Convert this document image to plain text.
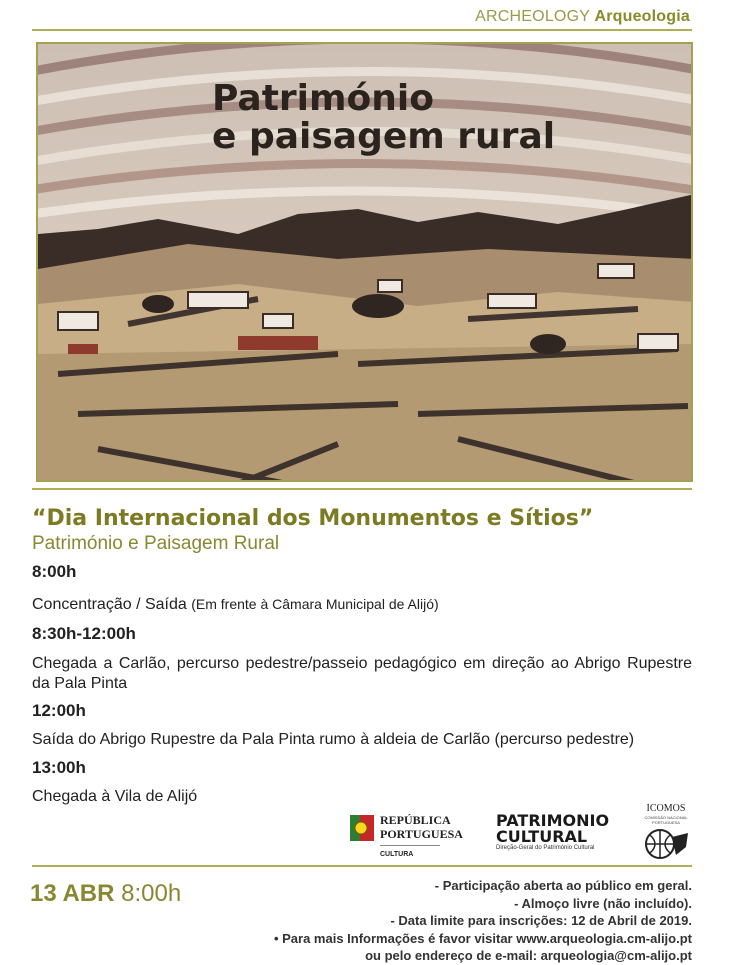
ARCHEOLOGY Arqueologia
Património
e paisagem rural
“Dia Internacional dos Monumentos e Sítios”
Património e Paisagem Rural
8:00h
Concentração / Saída (Em frente à Câmara Municipal de Alijó)
8:30h-12:00h
Chegada a Carlão, percurso pedestre/passeio pedagógico em direção ao Abrigo Rupestre da Pala Pinta
12:00h
Saída do Abrigo Rupestre da Pala Pinta rumo à aldeia de Carlão (percurso pedestre)
13:00h
Chegada à Vila de Alijó
REPÚBLICA
PORTUGUESA
CULTURA
PATRIMONIO
CULTURAL
Direção-Geral do Património Cultural
ICOMOS
COMISSÃO NACIONAL
PORTUGUESA
13 ABR 8:00h	- Participação aberta ao público em geral.
- Almoço livre (não incluído).
- Data limite para inscrições: 12 de Abril de 2019.
• Para mais Informações é favor visitar www.arqueologia.cm-alijo.pt
ou pelo endereço de e-mail: arqueologia@cm-alijo.pt
